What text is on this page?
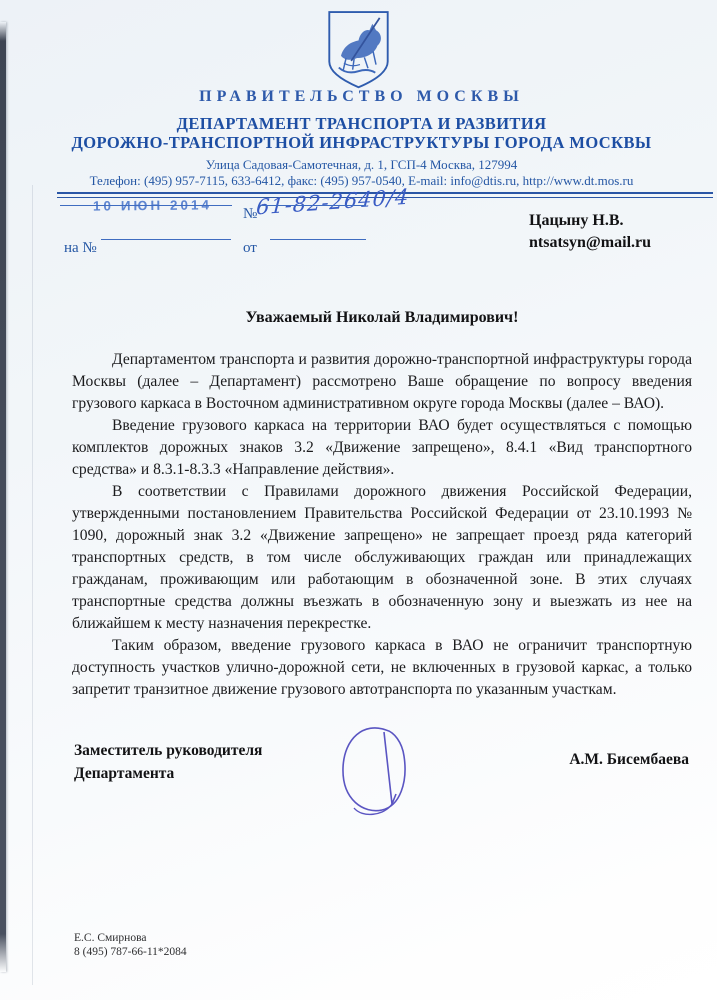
ПРАВИТЕЛЬСТВО МОСКВЫ
ДЕПАРТАМЕНТ ТРАНСПОРТА И РАЗВИТИЯ
ДОРОЖНО-ТРАНСПОРТНОЙ ИНФРАСТРУКТУРЫ ГОРОДА МОСКВЫ
Улица Садовая-Самотечная, д. 1, ГСП-4 Москва, 127994
Телефон: (495) 957-7115, 633-6412, факс: (495) 957-0540, E-mail: info@dtis.ru, http://www.dt.mos.ru
10 ИЮН 2014
№
61-82-2640/4
на №	от
Цацыну Н.В.
ntsatsyn@mail.ru
Уважаемый Николай Владимирович!

Департаментом транспорта и развития дорожно-транспортной инфраструктуры города Москвы (далее – Департамент) рассмотрено Ваше обращение по вопросу введения грузового каркаса в Восточном административном округе города Москвы (далее – ВАО).

Введение грузового каркаса на территории ВАО будет осуществляться с помощью комплектов дорожных знаков 3.2 «Движение запрещено», 8.4.1 «Вид транспортного средства» и 8.3.1-8.3.3 «Направление действия».

В соответствии с Правилами дорожного движения Российской Федерации, утвержденными постановлением Правительства Российской Федерации от 23.10.1993 № 1090, дорожный знак 3.2 «Движение запрещено» не запрещает проезд ряда категорий транспортных средств, в том числе обслуживающих граждан или принадлежащих гражданам, проживающим или работающим в обозначенной зоне. В этих случаях транспортные средства должны въезжать в обозначенную зону и выезжать из нее на ближайшем к месту назначения перекрестке.

Таким образом, введение грузового каркаса в ВАО не ограничит транспортную доступность участков улично-дорожной сети, не включенных в грузовой каркас, а только запретит транзитное движение грузового автотранспорта по указанным участкам.

Заместитель руководителя
Департамента
А.М. Бисембаева
Е.С. Смирнова
8 (495) 787-66-11*2084
